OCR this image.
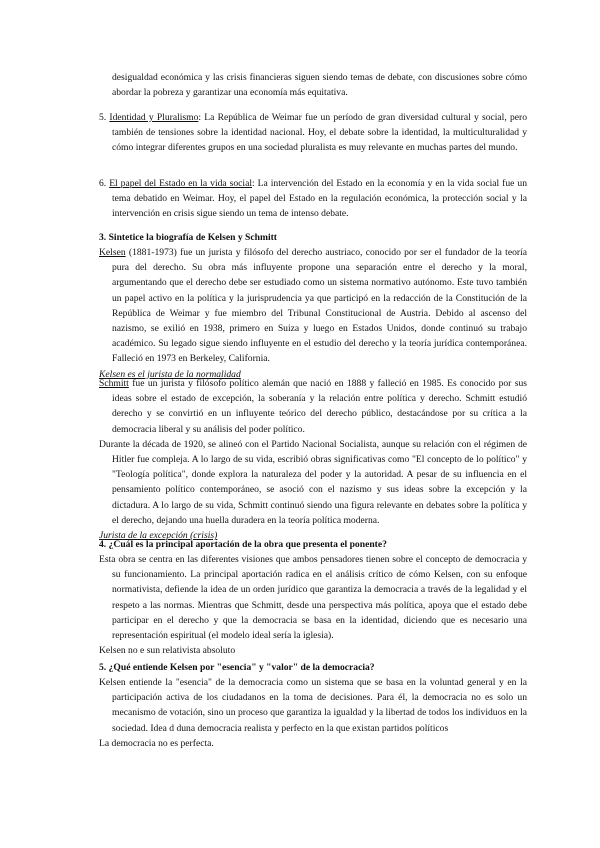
desigualdad económica y las crisis financieras siguen siendo temas de debate, con discusiones sobre cómo abordar la pobreza y garantizar una economía más equitativa.

5. Identidad y Pluralismo: La República de Weimar fue un período de gran diversidad cultural y social, pero también de tensiones sobre la identidad nacional. Hoy, el debate sobre la identidad, la multiculturalidad y cómo integrar diferentes grupos en una sociedad pluralista es muy relevante en muchas partes del mundo.

6. El papel del Estado en la vida social: La intervención del Estado en la economía y en la vida social fue un tema debatido en Weimar. Hoy, el papel del Estado en la regulación económica, la protección social y la intervención en crisis sigue siendo un tema de intenso debate.

3. Sintetice la biografía de Kelsen y Schmitt

Kelsen (1881-1973) fue un jurista y filósofo del derecho austriaco, conocido por ser el fundador de la teoría pura del derecho. Su obra más influyente propone una separación entre el derecho y la moral, argumentando que el derecho debe ser estudiado como un sistema normativo autónomo. Este tuvo también un papel activo en la política y la jurisprudencia ya que participó en la redacción de la Constitución de la República de Weimar y fue miembro del Tribunal Constitucional de Austria. Debido al ascenso del nazismo, se exilió en 1938, primero en Suiza y luego en Estados Unidos, donde continuó su trabajo académico. Su legado sigue siendo influyente en el estudio del derecho y la teoría jurídica contemporánea. Falleció en 1973 en Berkeley, California.

Kelsen es el jurista de la normalidad

Schmitt fue un jurista y filósofo político alemán que nació en 1888 y falleció en 1985. Es conocido por sus ideas sobre el estado de excepción, la soberanía y la relación entre política y derecho. Schmitt estudió derecho y se convirtió en un influyente teórico del derecho público, destacándose por su crítica a la democracia liberal y su análisis del poder político.

Durante la década de 1920, se alineó con el Partido Nacional Socialista, aunque su relación con el régimen de Hitler fue compleja. A lo largo de su vida, escribió obras significativas como "El concepto de lo político" y "Teología política", donde explora la naturaleza del poder y la autoridad. A pesar de su influencia en el pensamiento político contemporáneo, se asoció con el nazismo y sus ideas sobre la excepción y la dictadura. A lo largo de su vida, Schmitt continuó siendo una figura relevante en debates sobre la política y el derecho, dejando una huella duradera en la teoría política moderna.

Jurista de la excepción (crisis)

4. ¿Cuál es la principal aportación de la obra que presenta el ponente?

Esta obra se centra en las diferentes visiones que ambos pensadores tienen sobre el concepto de democracia y su funcionamiento. La principal aportación radica en el análisis crítico de cómo Kelsen, con su enfoque normativista, defiende la idea de un orden jurídico que garantiza la democracia a través de la legalidad y el respeto a las normas. Mientras que Schmitt, desde una perspectiva más política, apoya que el estado debe participar en el derecho y que la democracia se basa en la identidad, diciendo que es necesario una representación espiritual (el modelo ideal sería la iglesia).

Kelsen no e sun relativista absoluto

5. ¿Qué entiende Kelsen por "esencia" y "valor" de la democracia?

Kelsen entiende la "esencia" de la democracia como un sistema que se basa en la voluntad general y en la participación activa de los ciudadanos en la toma de decisiones. Para él, la democracia no es solo un mecanismo de votación, sino un proceso que garantiza la igualdad y la libertad de todos los individuos en la sociedad. Idea d duna democracia realista y perfecto en la que existan partidos políticos

La democracia no es perfecta.
